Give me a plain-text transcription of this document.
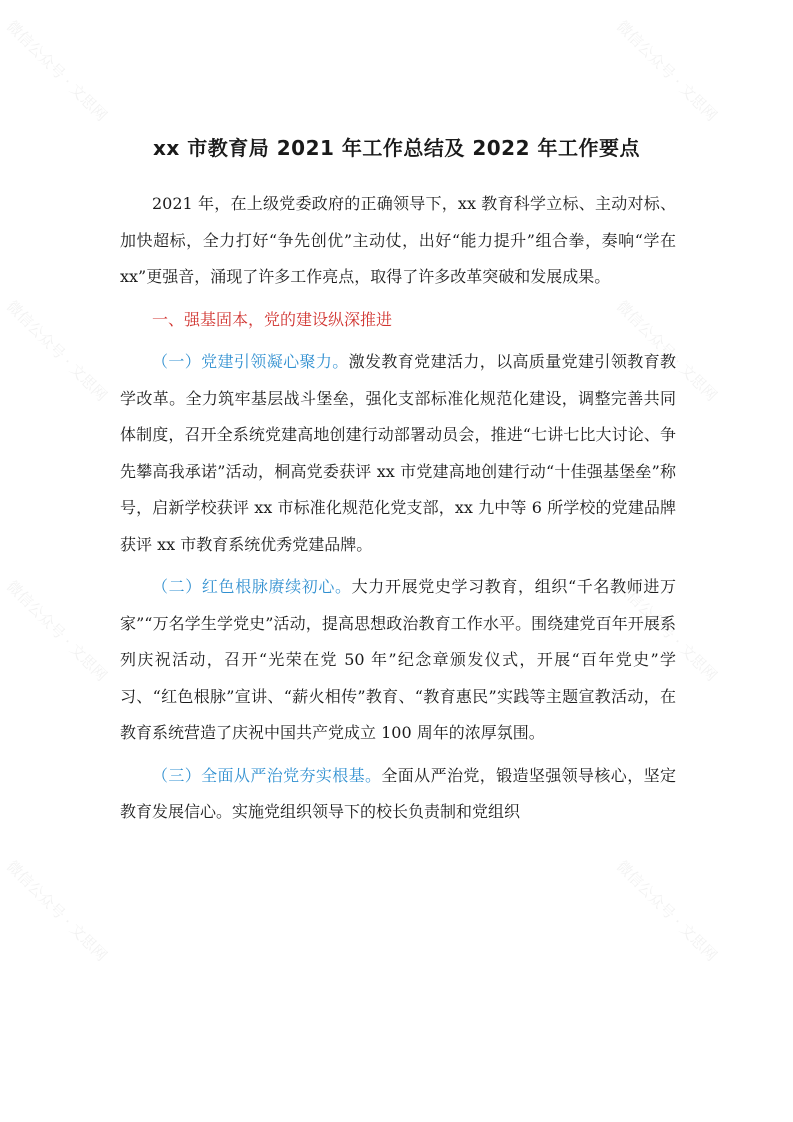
微信公众号 · 文思网	微信公众号 · 文思网
微信公众号 · 文思网	微信公众号 · 文思网
微信公众号 · 文思网	微信公众号 · 文思网
微信公众号 · 文思网	微信公众号 · 文思网
xx 市教育局 2021 年工作总结及 2022 年工作要点

2021 年，在上级党委政府的正确领导下，xx 教育科学立标、主动对标、加快超标，全力打好“争先创优”主动仗，出好“能力提升”组合拳，奏响“学在 xx”更强音，涌现了许多工作亮点，取得了许多改革突破和发展成果。

一、强基固本，党的建设纵深推进

（一）党建引领凝心聚力。激发教育党建活力，以高质量党建引领教育教学改革。全力筑牢基层战斗堡垒，强化支部标准化规范化建设，调整完善共同体制度，召开全系统党建高地创建行动部署动员会，推进“七讲七比大讨论、争先攀高我承诺”活动，桐高党委获评 xx 市党建高地创建行动“十佳强基堡垒”称号，启新学校获评 xx 市标准化规范化党支部，xx 九中等 6 所学校的党建品牌获评 xx 市教育系统优秀党建品牌。

（二）红色根脉赓续初心。大力开展党史学习教育，组织“千名教师进万家”“万名学生学党史”活动，提高思想政治教育工作水平。围绕建党百年开展系列庆祝活动，召开“光荣在党 50 年”纪念章颁发仪式，开展“百年党史”学习、“红色根脉”宣讲、“薪火相传”教育、“教育惠民”实践等主题宣教活动，在教育系统营造了庆祝中国共产党成立 100 周年的浓厚氛围。

（三）全面从严治党夯实根基。全面从严治党，锻造坚强领导核心，坚定教育发展信心。实施党组织领导下的校长负责制和党组织
